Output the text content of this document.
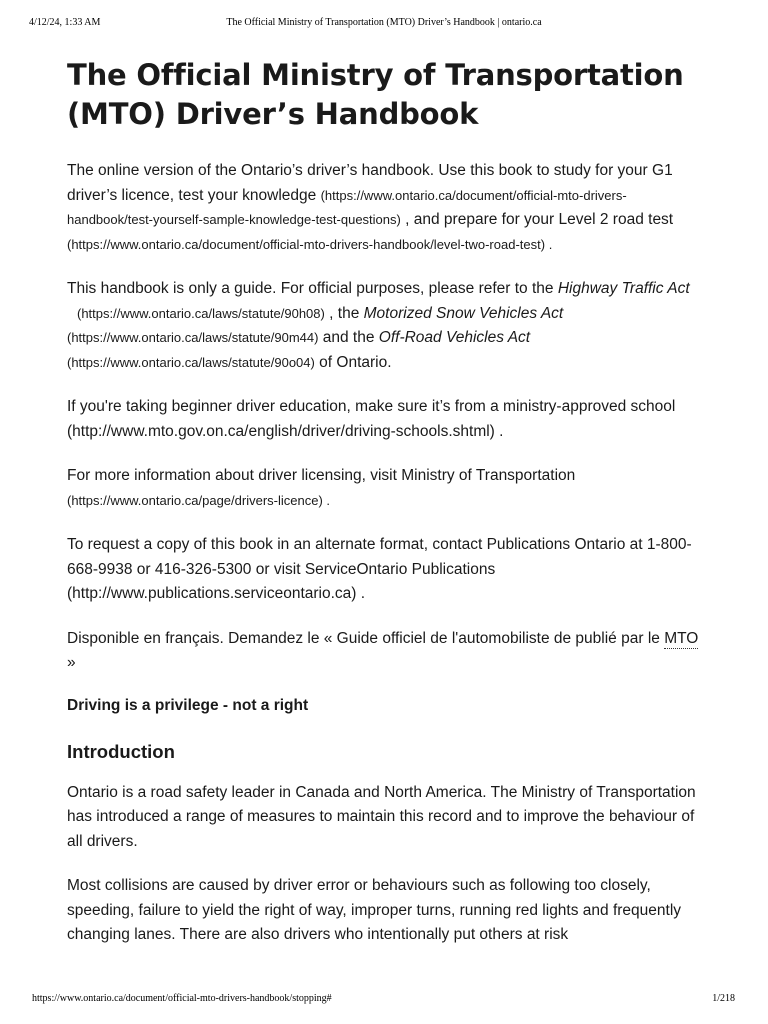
4/12/24, 1:33 AM	The Official Ministry of Transportation (MTO) Driver’s Handbook | ontario.ca
The Official Ministry of Transportation (MTO) Driver’s Handbook

The online version of the Ontario’s driver’s handbook. Use this book to study for your G1 driver’s licence, test your knowledge (https://www.ontario.ca/document/official-mto-drivers-handbook/test-yourself-sample-knowledge-test-questions) , and prepare for your Level 2 road test (https://www.ontario.ca/document/official-mto-drivers-handbook/level-two-road-test) .

This handbook is only a guide. For official purposes, please refer to the Highway Traffic Act
(https://www.ontario.ca/laws/statute/90h08) , the Motorized Snow Vehicles Act
(https://www.ontario.ca/laws/statute/90m44) and the Off-Road Vehicles Act
(https://www.ontario.ca/laws/statute/90o04) of Ontario.

If you're taking beginner driver education, make sure it’s from a ministry-approved school (http://www.mto.gov.on.ca/english/driver/driving-schools.shtml) .

For more information about driver licensing, visit Ministry of Transportation
(https://www.ontario.ca/page/drivers-licence) .

To request a copy of this book in an alternate format, contact Publications Ontario at 1-800-668-9938 or 416-326-5300 or visit ServiceOntario Publications (http://www.publications.serviceontario.ca) .

Disponible en français. Demandez le « Guide officiel de l'automobiliste de publié par le MTO »

Driving is a privilege - not a right

Introduction

Ontario is a road safety leader in Canada and North America. The Ministry of Transportation has introduced a range of measures to maintain this record and to improve the behaviour of all drivers.

Most collisions are caused by driver error or behaviours such as following too closely, speeding, failure to yield the right of way, improper turns, running red lights and frequently changing lanes. There are also drivers who intentionally put others at risk

https://www.ontario.ca/document/official-mto-drivers-handbook/stopping#	1/218
